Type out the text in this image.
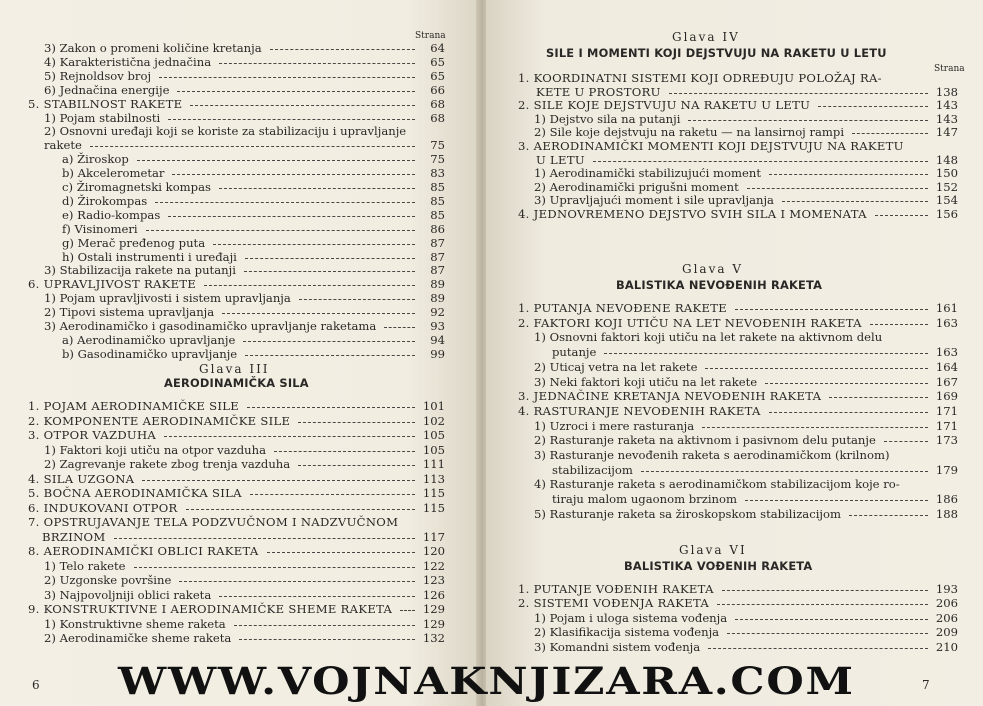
Strana
3) Zakon o promeni količine kretanja	64
4) Karakteristična jednačina	65
5) Rejnoldsov broj	65
6) Jednačina energije	66
5. STABILNOST RAKETE	68
1) Pojam stabilnosti	68
2) Osnovni uređaji koji se koriste za stabilizaciju i upravljanje
rakete	75
a) Žiroskop	75
b) Akcelerometar	83
c) Žiromagnetski kompas	85
d) Žirokompas	85
e) Radio-kompas	85
f) Visinomeri	86
g) Merač pređenog puta	87
h) Ostali instrumenti i uređaji	87
3) Stabilizacija rakete na putanji	87
6. UPRAVLJIVOST RAKETE	89
1) Pojam upravljivosti i sistem upravljanja	89
2) Tipovi sistema upravljanja	92
3) Aerodinamičko i gasodinamičko upravljanje raketama	93
a) Aerodinamičko upravljanje	94
b) Gasodinamičko upravljanje	99
Glava III
AERODINAMIČKA SILA
1. POJAM AERODINAMIČKE SILE	101
2. KOMPONENTE AERODINAMIČKE SILE	102
3. OTPOR VAZDUHA	105
1) Faktori koji utiču na otpor vazduha	105
2) Zagrevanje rakete zbog trenja vazduha	111
4. SILA UZGONA	113
5. BOČNA AERODINAMIČKA SILA	115
6. INDUKOVANI OTPOR	115
7. OPSTRUJAVANJE TELA PODZVUČNOM I NADZVUČNOM
BRZINOM	117
8. AERODINAMIČKI OBLICI RAKETA	120
1) Telo rakete	122
2) Uzgonske površine	123
3) Najpovoljniji oblici raketa	126
9. KONSTRUKTIVNE I AERODINAMIČKE SHEME RAKETA	129
1) Konstruktivne sheme raketa	129
2) Aerodinamičke sheme raketa	132
6
Glava IV
SILE I MOMENTI KOJI DEJSTVUJU NA RAKETU U LETU
Strana
1. KOORDINATNI SISTEMI KOJI ODREĐUJU POLOŽAJ RA-
KETE U PROSTORU	138
2. SILE KOJE DEJSTVUJU NA RAKETU U LETU	143
1) Dejstvo sila na putanji	143
2) Sile koje dejstvuju na raketu — na lansirnoj rampi	147
3. AERODINAMIČKI MOMENTI KOJI DEJSTVUJU NA RAKETU
U LETU	148
1) Aerodinamički stabilizujući moment	150
2) Aerodinamički prigušni moment	152
3) Upravljajući moment i sile upravljanja	154
4. JEDNOVREMENO DEJSTVO SVIH SILA I MOMENATA	156
Glava V
BALISTIKA NEVOĐENIH RAKETA
1. PUTANJA NEVOĐENE RAKETE	161
2. FAKTORI KOJI UTIČU NA LET NEVOĐENIH RAKETA	163
1) Osnovni faktori koji utiču na let rakete na aktivnom delu
putanje	163
2) Uticaj vetra na let rakete	164
3) Neki faktori koji utiču na let rakete	167
3. JEDNAČINE KRETANJA NEVOĐENIH RAKETA	169
4. RASTURANJE NEVOĐENIH RAKETA	171
1) Uzroci i mere rasturanja	171
2) Rasturanje raketa na aktivnom i pasivnom delu putanje	173
3) Rasturanje nevođenih raketa s aerodinamičkom (krilnom)
stabilizacijom	179
4) Rasturanje raketa s aerodinamičkom stabilizacijom koje ro-
tiraju malom ugaonom brzinom	186
5) Rasturanje raketa sa žiroskopskom stabilizacijom	188
Glava VI
BALISTIKA VOĐENIH RAKETA
1. PUTANJE VOĐENIH RAKETA	193
2. SISTEMI VOĐENJA RAKETA	206
1) Pojam i uloga sistema vođenja	206
2) Klasifikacija sistema vođenja	209
3) Komandni sistem vođenja	210
7
WWW.VOJNAKNJIZARA.COM
